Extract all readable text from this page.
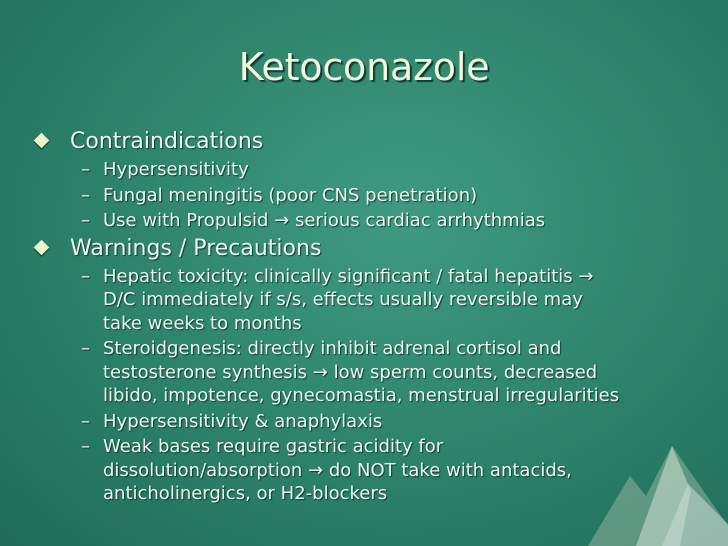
Ketoconazole
Contraindications
– Hypersensitivity
– Fungal meningitis (poor CNS penetration)
– Use with Propulsid → serious cardiac arrhythmias
Warnings / Precautions
– Hepatic toxicity: clinically significant / fatal hepatitis →
D/C immediately if s/s, effects usually reversible may
take weeks to months
– Steroidgenesis: directly inhibit adrenal cortisol and
testosterone synthesis → low sperm counts, decreased
libido, impotence, gynecomastia, menstrual irregularities
– Hypersensitivity & anaphylaxis
– Weak bases require gastric acidity for
dissolution/absorption → do NOT take with antacids,
anticholinergics, or H2-blockers
